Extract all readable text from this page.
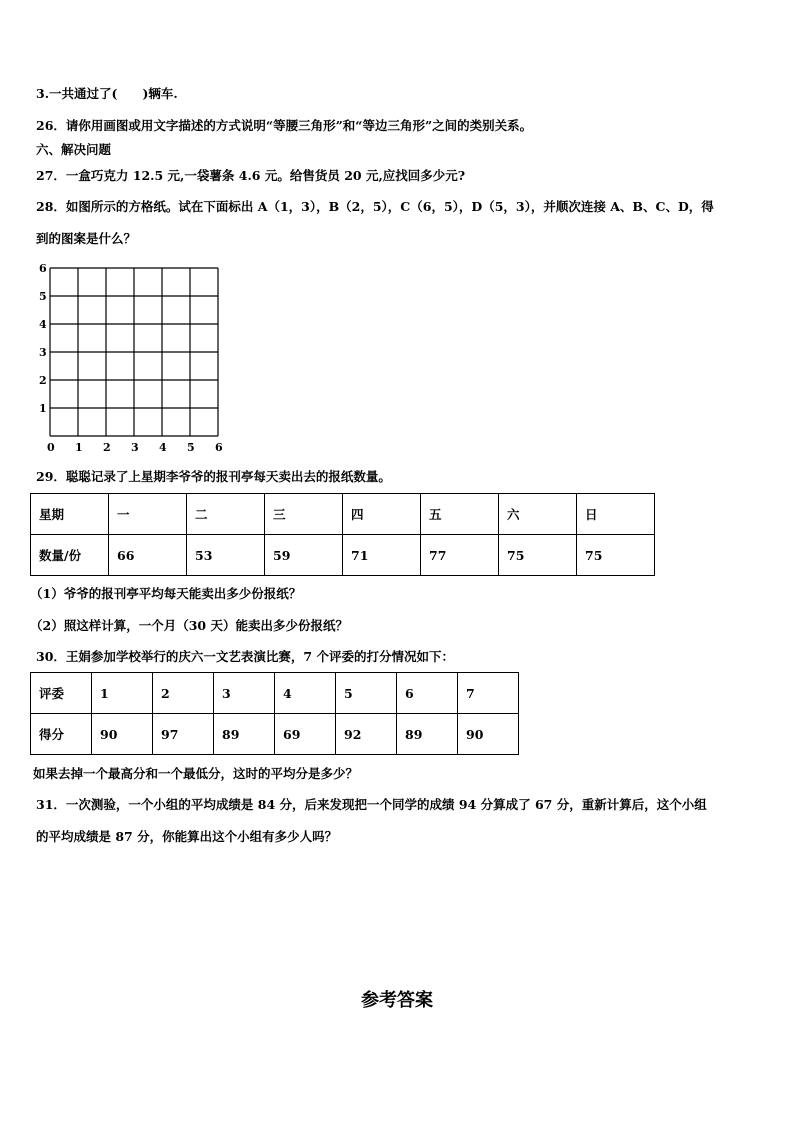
3.一共通过了(　　)辆车.
26．请你用画图或用文字描述的方式说明“等腰三角形”和“等边三角形”之间的类别关系。
六、解决问题
27．一盒巧克力 12.5 元,一袋薯条 4.6 元。给售货员 20 元,应找回多少元?
28．如图所示的方格纸。试在下面标出 A（1，3），B（2，5），C（6，5），D（5，3），并顺次连接 A、B、C、D，得
到的图案是什么？
0 1 2 3 4 5 6
1
2
3
4
5
6
29．聪聪记录了上星期李爷爷的报刊亭每天卖出去的报纸数量。
星期	一	二	三	四	五	六	日
数量/份	66	53	59	71	77	75	75
（1）爷爷的报刊亭平均每天能卖出多少份报纸？
（2）照这样计算，一个月（30 天）能卖出多少份报纸？
30．王娟参加学校举行的庆六一文艺表演比赛，7 个评委的打分情况如下：
评委	1	2	3	4	5	6	7
得分	90	97	89	69	92	89	90
如果去掉一个最高分和一个最低分，这时的平均分是多少？
31．一次测验，一个小组的平均成绩是 84 分，后来发现把一个同学的成绩 94 分算成了 67 分，重新计算后，这个小组
的平均成绩是 87 分，你能算出这个小组有多少人吗？
参考答案
